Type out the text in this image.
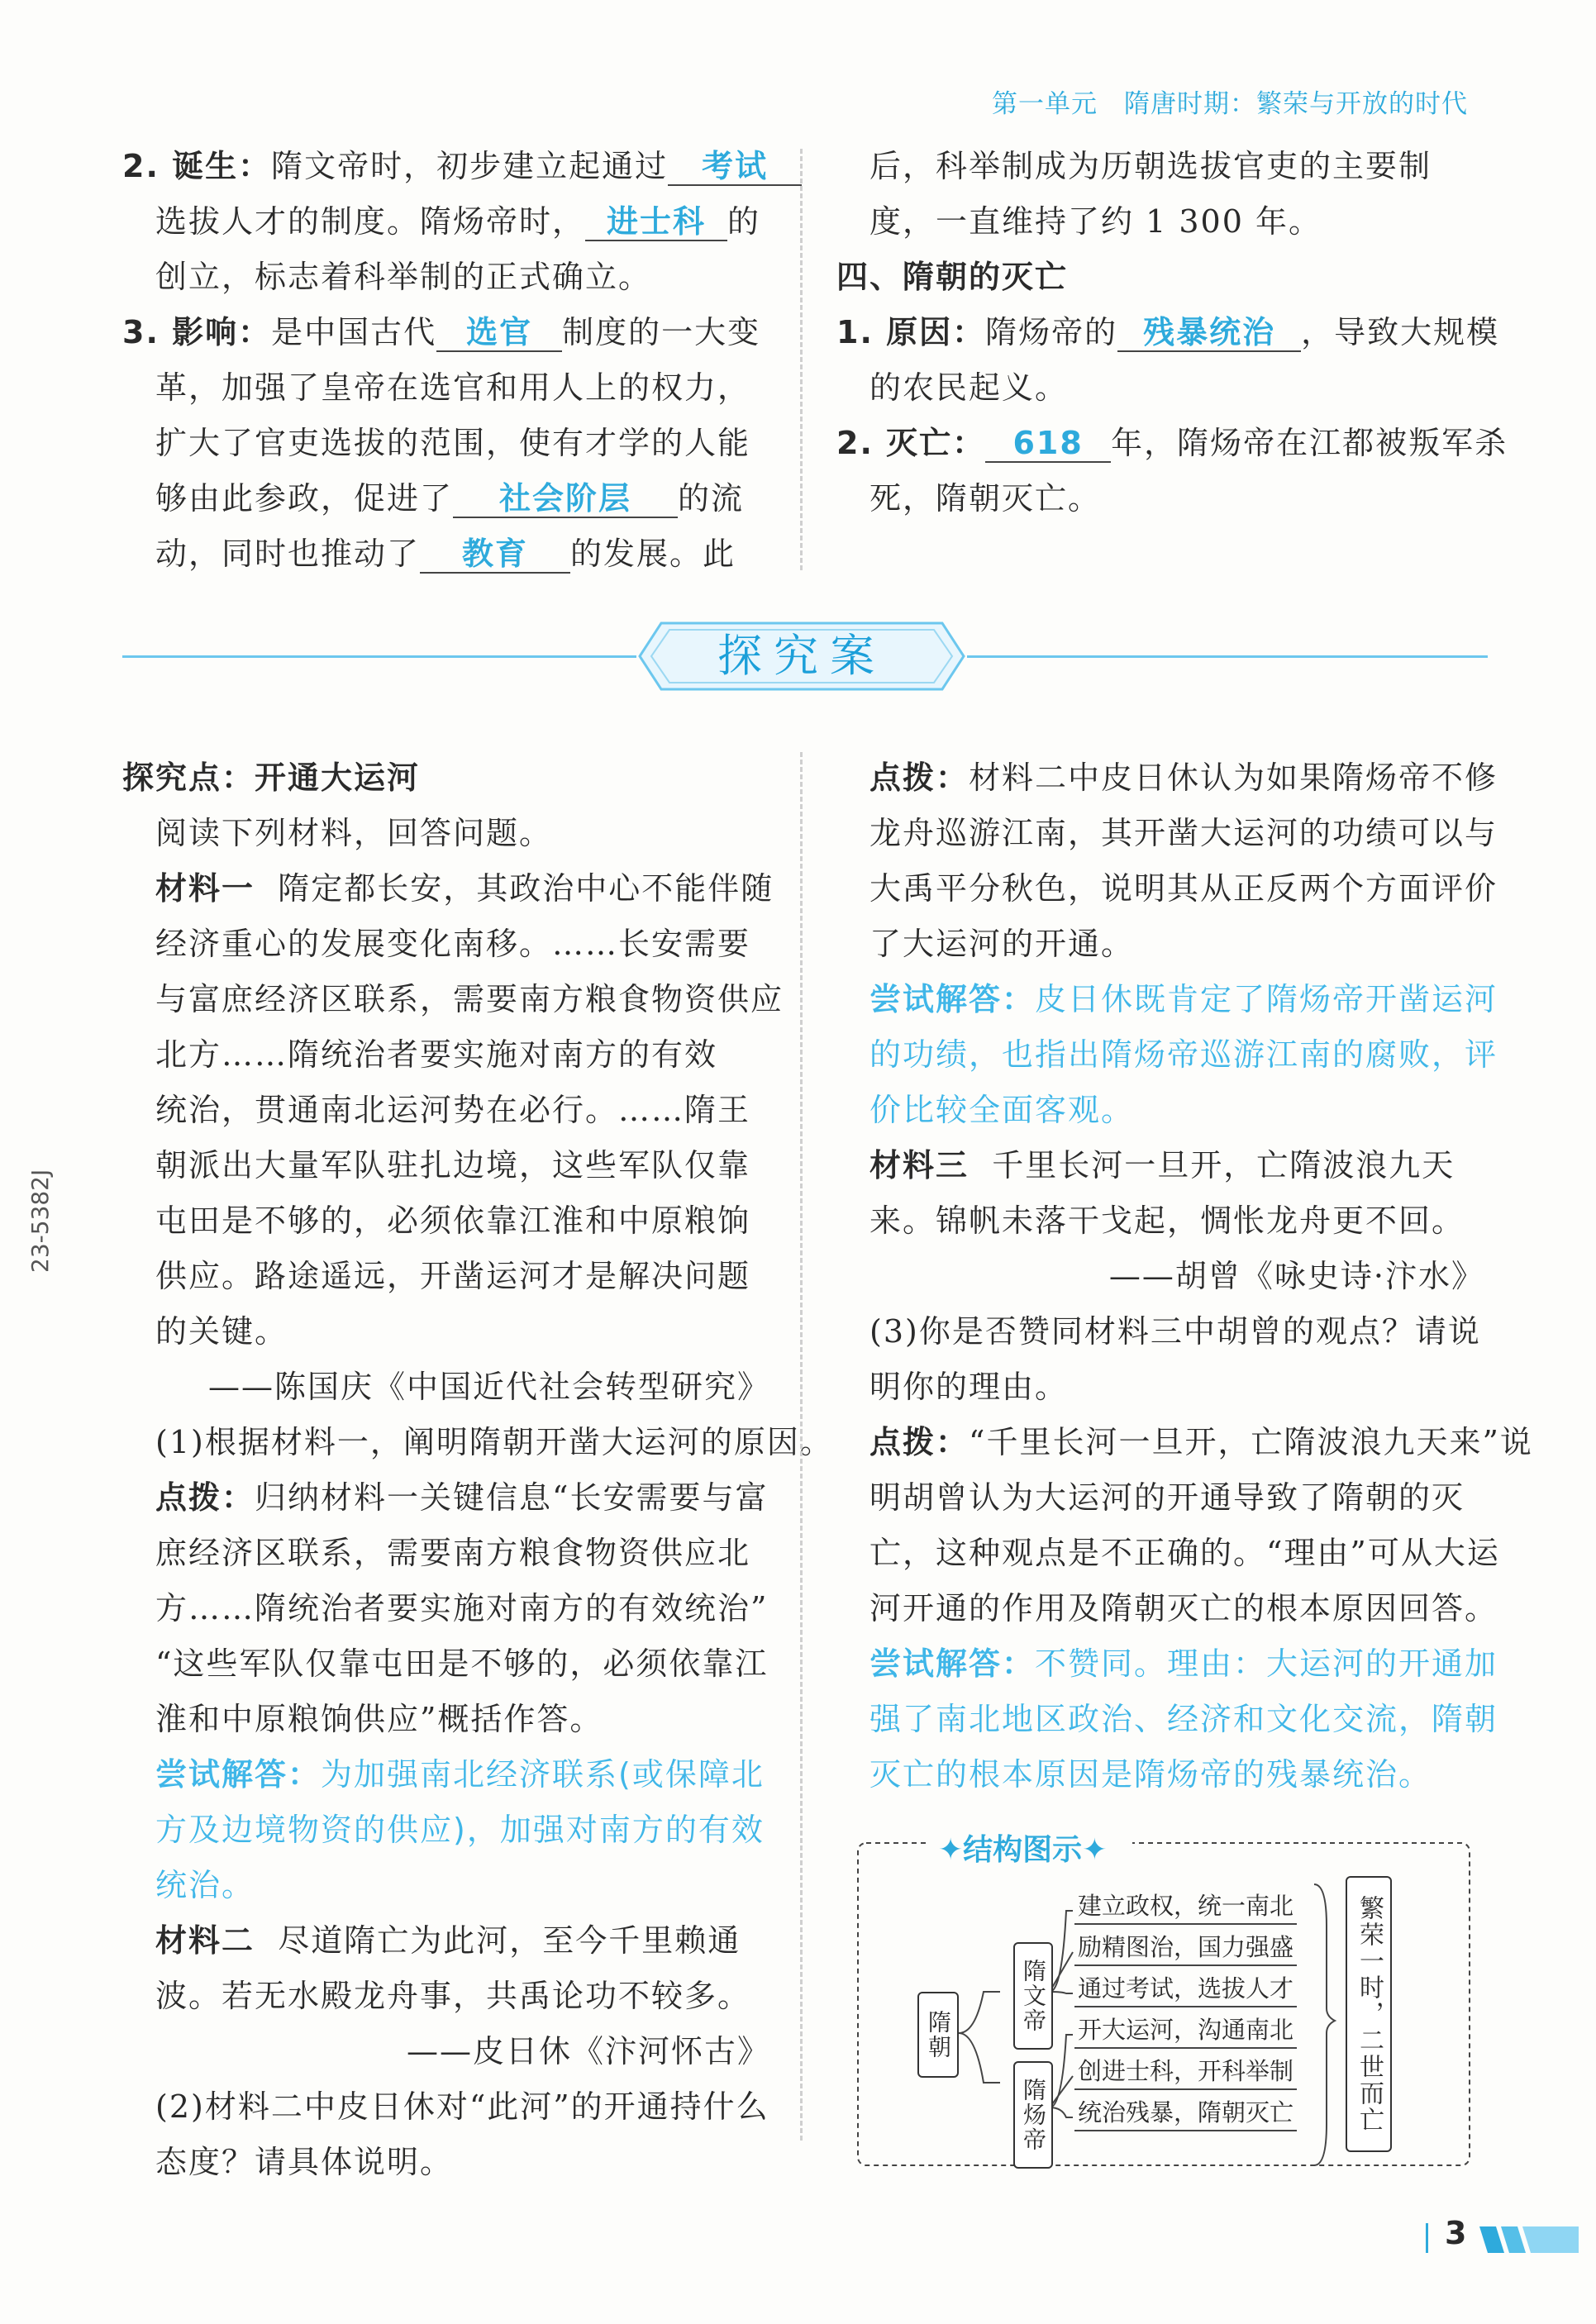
第一单元　隋唐时期：繁荣与开放的时代
23-5382J
2. 诞生：隋文帝时，初步建立起通过 考试
选拔人才的制度。隋炀帝时， 进士科 的
创立，标志着科举制的正式确立。
3. 影响：是中国古代 选官 制度的一大变
革，加强了皇帝在选官和用人上的权力，
扩大了官吏选拔的范围，使有才学的人能
够由此参政，促进了 社会阶层 的流
动，同时也推动了 教育 的发展。此
后，科举制成为历朝选拔官吏的主要制
度，一直维持了约 1 300 年。
四、隋朝的灭亡
1. 原因：隋炀帝的 残暴统治 ，导致大规模
的农民起义。
2. 灭亡： 618 年，隋炀帝在江都被叛军杀
死，隋朝灭亡。
探究案
探究点：开通大运河
阅读下列材料，回答问题。
材料一 隋定都长安，其政治中心不能伴随
经济重心的发展变化南移。……长安需要
与富庶经济区联系，需要南方粮食物资供应
北方……隋统治者要实施对南方的有效
统治，贯通南北运河势在必行。……隋王
朝派出大量军队驻扎边境，这些军队仅靠
屯田是不够的，必须依靠江淮和中原粮饷
供应。路途遥远，开凿运河才是解决问题
的关键。
——陈国庆《中国近代社会转型研究》
(1)根据材料一，阐明隋朝开凿大运河的原因。
点拨：归纳材料一关键信息“长安需要与富
庶经济区联系，需要南方粮食物资供应北
方……隋统治者要实施对南方的有效统治”
“这些军队仅靠屯田是不够的，必须依靠江
淮和中原粮饷供应”概括作答。
尝试解答：为加强南北经济联系(或保障北
方及边境物资的供应)，加强对南方的有效
统治。
材料二 尽道隋亡为此河，至今千里赖通
波。若无水殿龙舟事，共禹论功不较多。
——皮日休《汴河怀古》
(2)材料二中皮日休对“此河”的开通持什么
态度？请具体说明。
点拨：材料二中皮日休认为如果隋炀帝不修
龙舟巡游江南，其开凿大运河的功绩可以与
大禹平分秋色，说明其从正反两个方面评价
了大运河的开通。
尝试解答：皮日休既肯定了隋炀帝开凿运河
的功绩，也指出隋炀帝巡游江南的腐败，评
价比较全面客观。
材料三 千里长河一旦开，亡隋波浪九天
来。锦帆未落干戈起，惆怅龙舟更不回。
——胡曾《咏史诗·汴水》
(3)你是否赞同材料三中胡曾的观点？请说
明你的理由。
点拨：“千里长河一旦开，亡隋波浪九天来”说
明胡曾认为大运河的开通导致了隋朝的灭
亡，这种观点是不正确的。“理由”可从大运
河开通的作用及隋朝灭亡的根本原因回答。
尝试解答：不赞同。理由：大运河的开通加
强了南北地区政治、经济和文化交流，隋朝
灭亡的根本原因是隋炀帝的残暴统治。
✦结构图示✦
隋朝
隋文帝
隋炀帝
建立政权，统一南北
励精图治，国力强盛
通过考试，选拔人才
开大运河，沟通南北
创进士科，开科举制
统治残暴，隋朝灭亡	繁荣一时，二世而亡
3
